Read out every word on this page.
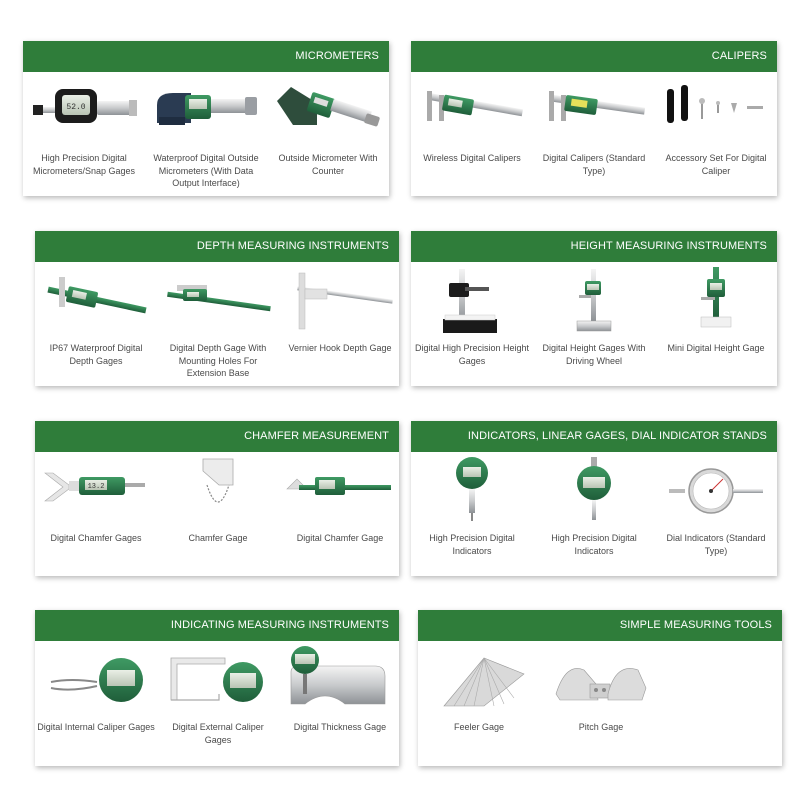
MICROMETERS
52.0
High Precision Digital Micrometers/Snap Gages
Waterproof Digital Outside Micrometers (With Data Output Interface)
Outside Micrometer With Counter
CALIPERS
Wireless Digital Calipers	Digital Calipers (Standard Type)
Accessory Set For Digital Caliper
DEPTH MEASURING INSTRUMENTS
IP67 Waterproof Digital Depth Gages
Digital Depth Gage With Mounting Holes For Extension Base
Vernier Hook Depth Gage
HEIGHT MEASURING INSTRUMENTS
Digital High Precision Height Gages
Digital Height Gages With Driving Wheel
Mini Digital Height Gage
CHAMFER MEASUREMENT
13.2
Digital Chamfer Gages	Chamfer Gage	Digital Chamfer Gage
INDICATORS, LINEAR GAGES, DIAL INDICATOR STANDS
High Precision Digital Indicators
High Precision Digital Indicators
Dial Indicators (Standard Type)
INDICATING MEASURING INSTRUMENTS
Digital Internal Caliper Gages	Digital External Caliper Gages
Digital Thickness Gage
SIMPLE MEASURING TOOLS
Feeler Gage	Pitch Gage
